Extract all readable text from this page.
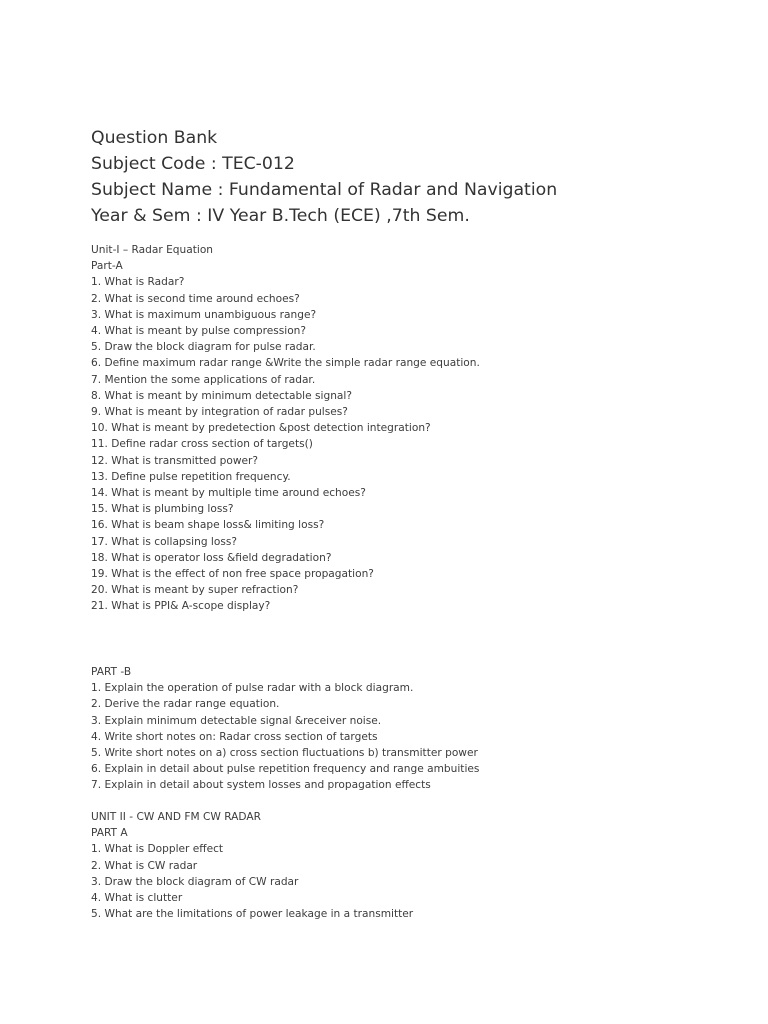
Question Bank
Subject Code : TEC-012
Subject Name : Fundamental of Radar and Navigation
Year & Sem : IV Year B.Tech (ECE) ,7th Sem.
Unit-I – Radar Equation
Part-A
1. What is Radar?
2. What is second time around echoes?
3. What is maximum unambiguous range?
4. What is meant by pulse compression?
5. Draw the block diagram for pulse radar.
6. Define maximum radar range &Write the simple radar range equation.
7. Mention the some applications of radar.
8. What is meant by minimum detectable signal?
9. What is meant by integration of radar pulses?
10. What is meant by predetection &post detection integration?
11. Define radar cross section of targets()
12. What is transmitted power?
13. Define pulse repetition frequency.
14. What is meant by multiple time around echoes?
15. What is plumbing loss?
16. What is beam shape loss& limiting loss?
17. What is collapsing loss?
18. What is operator loss &field degradation?
19. What is the effect of non free space propagation?
20. What is meant by super refraction?
21. What is PPI& A-scope display?
PART -B
1. Explain the operation of pulse radar with a block diagram.
2. Derive the radar range equation.
3. Explain minimum detectable signal &receiver noise.
4. Write short notes on: Radar cross section of targets
5. Write short notes on a) cross section fluctuations b) transmitter power
6. Explain in detail about pulse repetition frequency and range ambuities
7. Explain in detail about system losses and propagation effects
UNIT II - CW AND FM CW RADAR
PART A
1. What is Doppler effect
2. What is CW radar
3. Draw the block diagram of CW radar
4. What is clutter
5. What are the limitations of power leakage in a transmitter
